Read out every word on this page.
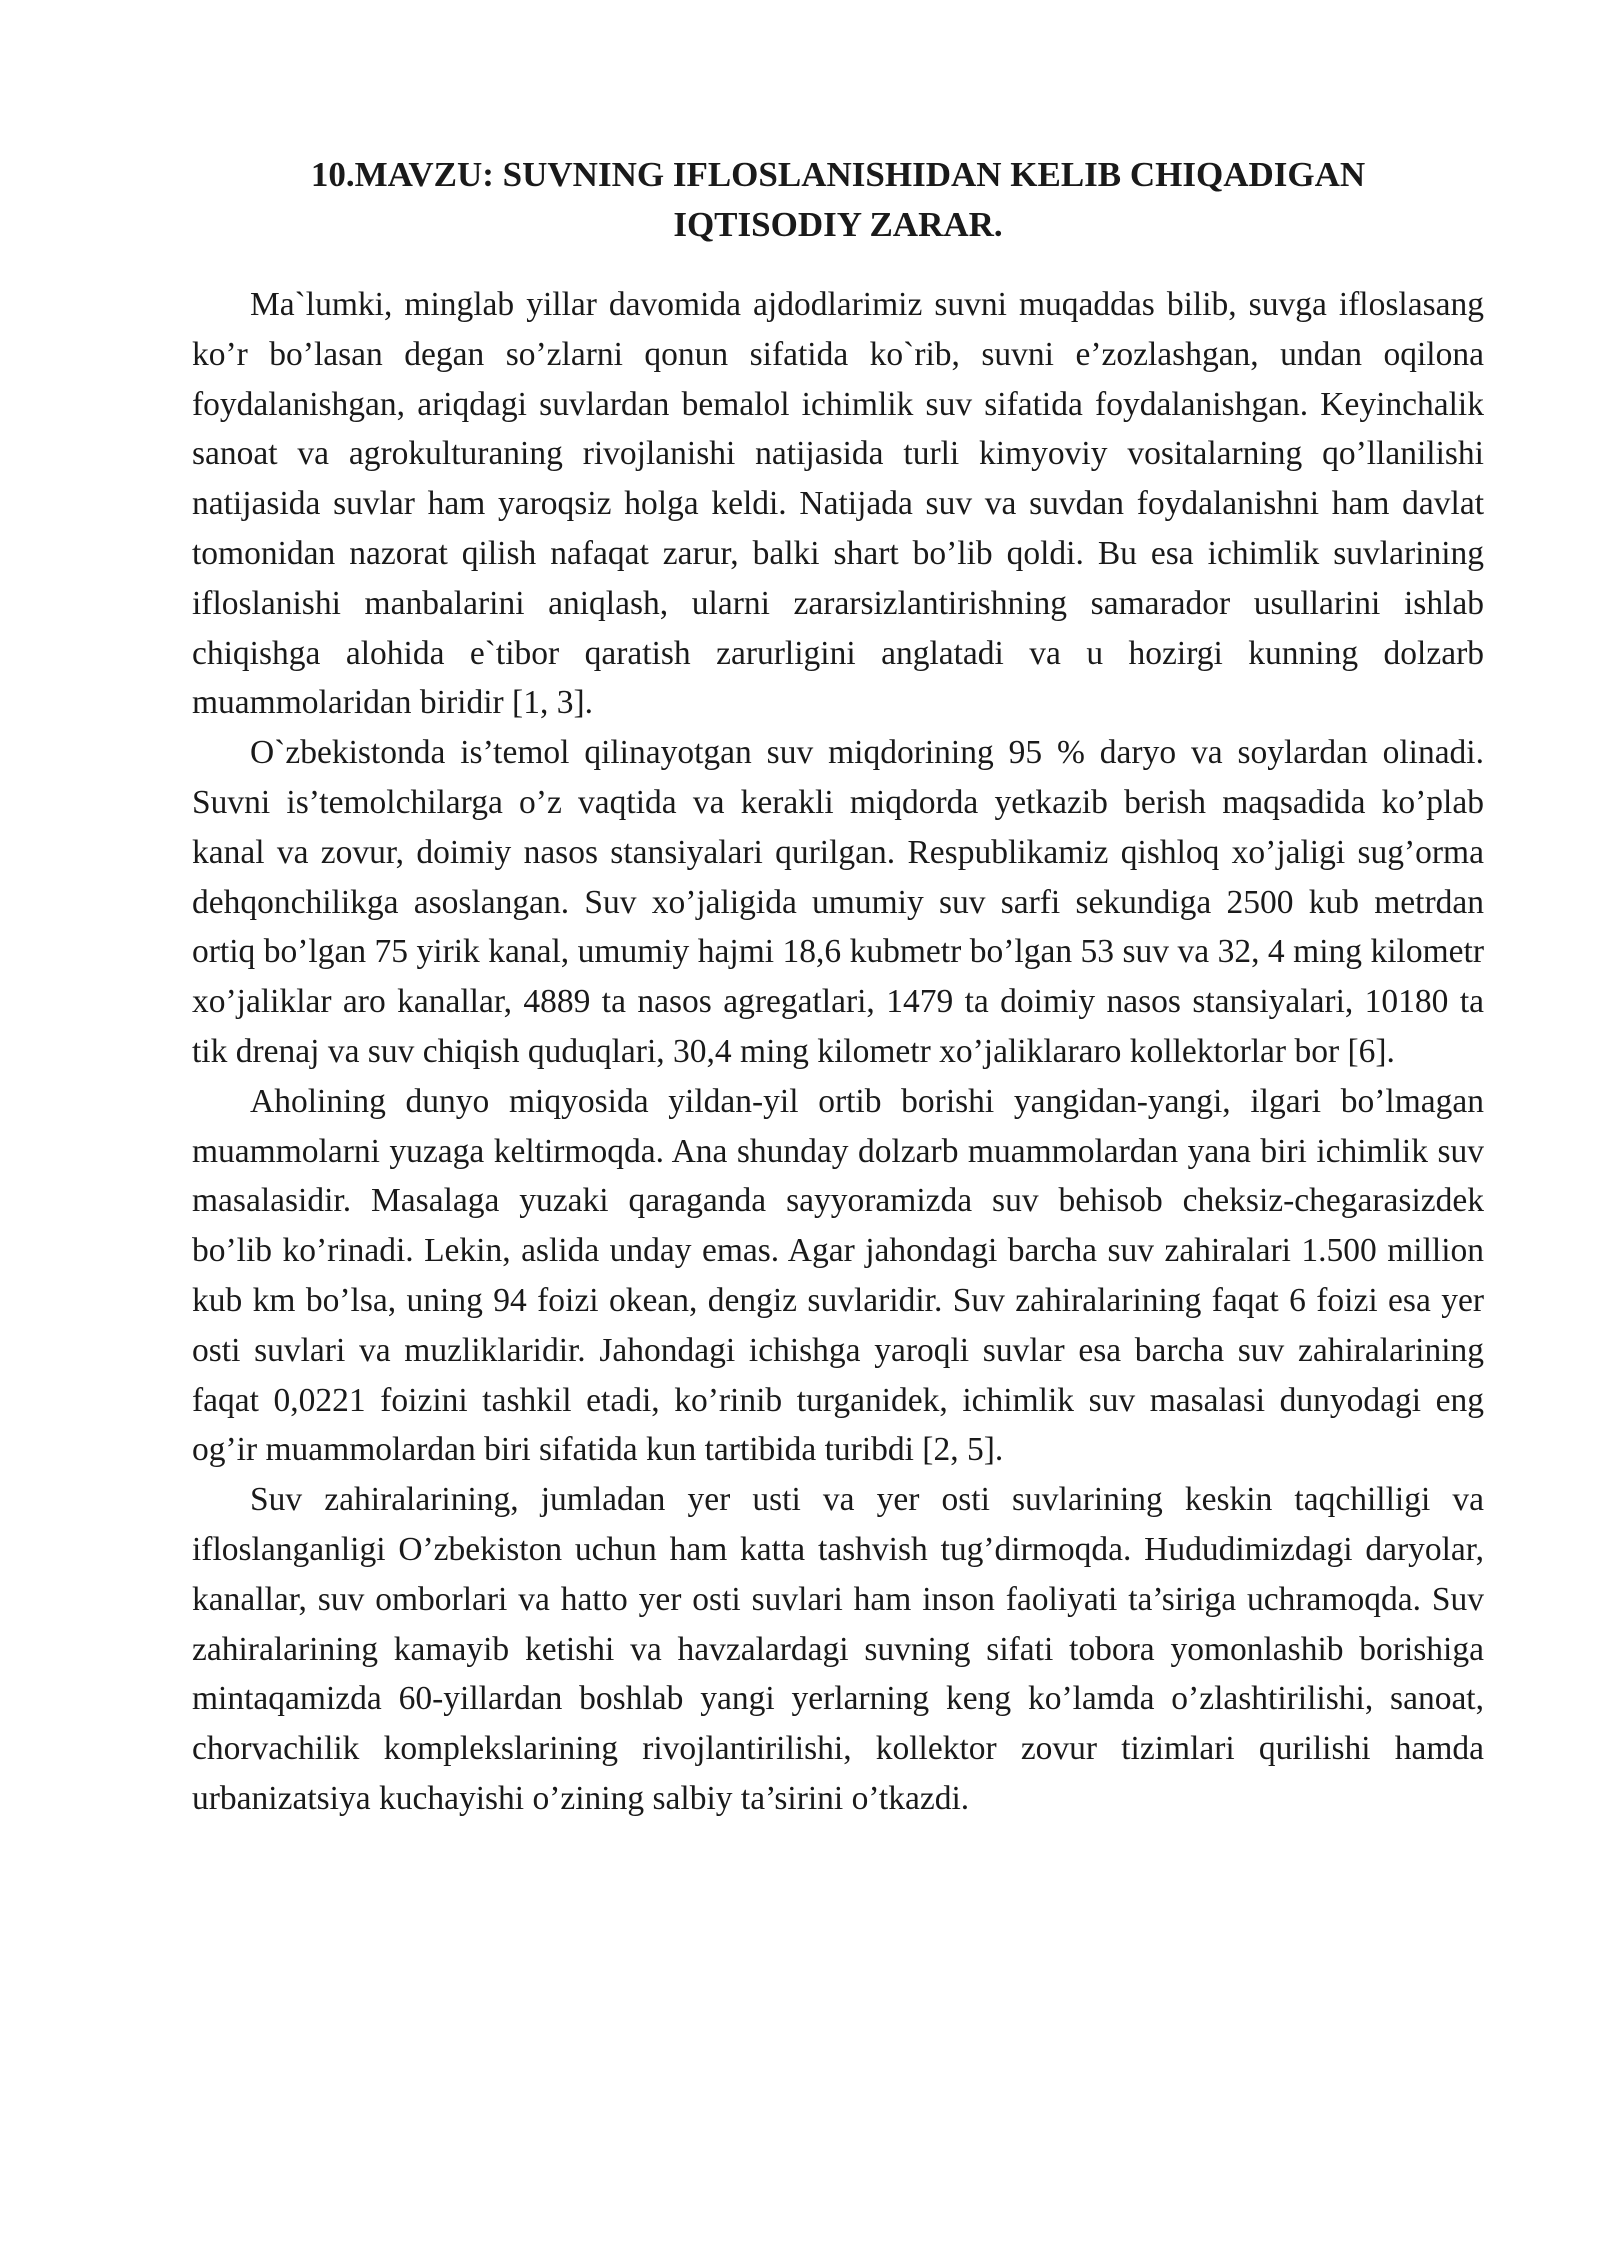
10.MAVZU: SUVNING IFLOSLANISHIDAN KELIB CHIQADIGAN
IQTISODIY ZARAR.

Ma`lumki, minglab yillar davomida ajdodlarimiz suvni muqaddas bilib, suvga ifloslasang ko’r bo’lasan degan so’zlarni qonun sifatida ko`rib, suvni e’zozlashgan, undan oqilona foydalanishgan, ariqdagi suvlardan bemalol ichimlik suv sifatida foydalanishgan. Keyinchalik sanoat va agrokulturaning rivojlanishi natijasida turli kimyoviy vositalarning qo’llanilishi natijasida suvlar ham yaroqsiz holga keldi. Natijada suv va suvdan foydalanishni ham davlat tomonidan nazorat qilish nafaqat zarur, balki shart bo’lib qoldi. Bu esa ichimlik suvlarining ifloslanishi manbalarini aniqlash, ularni zararsizlantirishning samarador usullarini ishlab chiqishga alohida e`tibor qaratish zarurligini anglatadi va u hozirgi kunning dolzarb muammolaridan biridir [1, 3].

O`zbekistonda is’temol qilinayotgan suv miqdorining 95 % daryo va soylardan olinadi. Suvni is’temolchilarga o’z vaqtida va kerakli miqdorda yetkazib berish maqsadida ko’plab kanal va zovur, doimiy nasos stansiyalari qurilgan. Respublikamiz qishloq xo’jaligi sug’orma dehqonchilikga asoslangan. Suv xo’jaligida umumiy suv sarfi sekundiga 2500 kub metrdan ortiq bo’lgan 75 yirik kanal, umumiy hajmi 18,6 kubmetr bo’lgan 53 suv va 32, 4 ming kilometr xo’jaliklar aro kanallar, 4889 ta nasos agregatlari, 1479 ta doimiy nasos stansiyalari, 10180 ta tik drenaj va suv chiqish quduqlari, 30,4 ming kilometr xo’jaliklararo kollektorlar bor [6].

Aholining dunyo miqyosida yildan-yil ortib borishi yangidan-yangi, ilgari bo’lmagan muammolarni yuzaga keltirmoqda. Ana shunday dolzarb muammolardan yana biri ichimlik suv masalasidir. Masalaga yuzaki qaraganda sayyoramizda suv behisob cheksiz-chegarasizdek bo’lib ko’rinadi. Lekin, aslida unday emas. Agar jahondagi barcha suv zahiralari 1.500 million kub km bo’lsa, uning 94 foizi okean, dengiz suvlaridir. Suv zahiralarining faqat 6 foizi esa yer osti suvlari va muzliklaridir. Jahondagi ichishga yaroqli suvlar esa barcha suv zahiralarining faqat 0,0221 foizini tashkil etadi, ko’rinib turganidek, ichimlik suv masalasi dunyodagi eng og’ir muammolardan biri sifatida kun tartibida turibdi [2, 5].

Suv zahiralarining, jumladan yer usti va yer osti suvlarining keskin taqchilligi va ifloslanganligi O’zbekiston uchun ham katta tashvish tug’dirmoqda. Hududimizdagi daryolar, kanallar, suv omborlari va hatto yer osti suvlari ham inson faoliyati ta’siriga uchramoqda. Suv zahiralarining kamayib ketishi va havzalardagi suvning sifati tobora yomonlashib borishiga mintaqamizda 60-yillardan boshlab yangi yerlarning keng ko’lamda o’zlashtirilishi, sanoat, chorvachilik komplekslarining rivojlantirilishi, kollektor zovur tizimlari qurilishi hamda urbanizatsiya kuchayishi o’zining salbiy ta’sirini o’tkazdi.
